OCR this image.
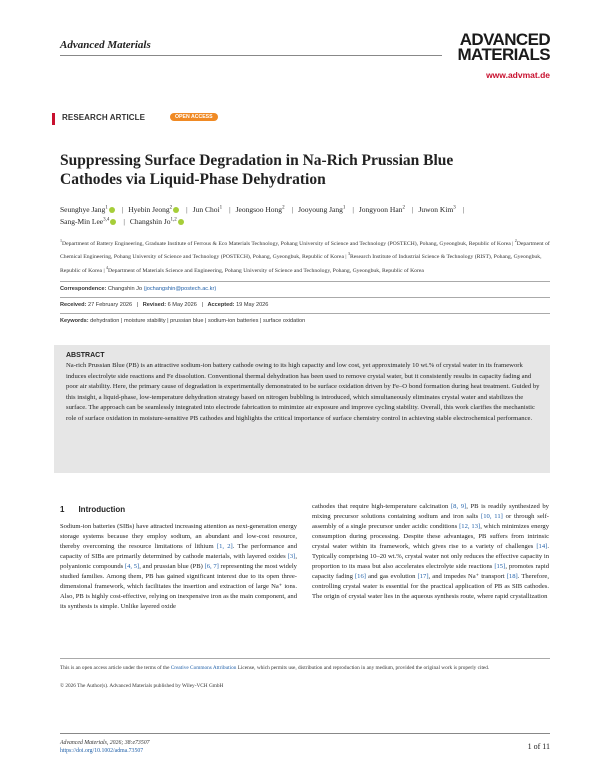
Advanced Materials	ADVANCED
MATERIALS
www.advmat.de
RESEARCH ARTICLE	OPEN ACCESS
Suppressing Surface Degradation in Na-Rich Prussian Blue
Cathodes via Liquid-Phase Dehydration
Seunghye Jang$^1$ | Hyebin Jeong$^2$ | Jun Choi$^1$ | Jeongsoo Hong$^2$ | Jooyoung Jang$^1$ | Jongyoon Han$^2$ | Juwon Kim$^3$ |
Sang-Min Lee$^{3,4}$ | Changshin Jo$^{1,2}$
$^1$Department of Battery Engineering, Graduate Institute of Ferrous & Eco Materials Technology, Pohang University of Science and Technology (POSTECH), Pohang, Gyeongbuk, Republic of Korea | $^2$Department of Chemical Engineering, Pohang University of Science and Technology (POSTECH), Pohang, Gyeongbuk, Republic of Korea | $^3$Research Institute of Industrial Science & Technology (RIST), Pohang, Gyeongbuk, Republic of Korea | $^4$Department of Materials Science and Engineering, Pohang University of Science and Technology, Pohang, Gyeongbuk, Republic of Korea
Correspondence: Changshin Jo (jochangshin@postech.ac.kr)
Received: 27 February 2026 | Revised: 6 May 2026 | Accepted: 19 May 2026
Keywords: dehydration | moisture stability | prussian blue | sodium-ion batteries | surface oxidation
ABSTRACT
Na-rich Prussian Blue (PB) is an attractive sodium-ion battery cathode owing to its high capacity and low cost, yet approximately 10 wt.% of crystal water in its framework induces electrolyte side reactions and Fe dissolution. Conventional thermal dehydration has been used to remove crystal water, but it consistently results in capacity fading and poor air stability. Here, the primary cause of degradation is experimentally demonstrated to be surface oxidation driven by Fe–O bond formation during heat treatment. Guided by this insight, a liquid-phase, low-temperature dehydration strategy based on nitrogen bubbling is introduced, which simultaneously eliminates crystal water and stabilizes the surface. The approach can be seamlessly integrated into electrode fabrication to minimize air exposure and improve cycling stability. Overall, this work clarifies the mechanistic role of surface oxidation in moisture-sensitive PB cathodes and highlights the critical importance of surface chemistry control in achieving stable electrochemical performance.
1 Introduction
Sodium-ion batteries (SIBs) have attracted increasing attention as next-generation energy storage systems because they employ sodium, an abundant and low-cost resource, thereby overcoming the resource limitations of lithium [1, 2]. The performance and capacity of SIBs are primarily determined by cathode materials, with layered oxides [3], polyanionic compounds [4, 5], and prussian blue (PB) [6, 7] representing the most widely studied families. Among them, PB has gained significant interest due to its open three-dimensional framework, which facilitates the insertion and extraction of large Na⁺ ions. Also, PB is highly cost-effective, relying on inexpensive iron as the main component, and its synthesis is simple. Unlike layered oxide
cathodes that require high-temperature calcination [8, 9], PB is readily synthesized by mixing precursor solutions containing sodium and iron salts [10, 11] or through self-assembly of a single precursor under acidic conditions [12, 13], which minimizes energy consumption during processing. Despite these advantages, PB suffers from intrinsic crystal water within its framework, which gives rise to a variety of challenges [14]. Typically comprising 10–20 wt.%, crystal water not only reduces the effective capacity in proportion to its mass but also accelerates electrolyte side reactions [15], promotes rapid capacity fading [16] and gas evolution [17], and impedes Na⁺ transport [18]. Therefore, controlling crystal water is essential for the practical application of PB as SIB cathodes. The origin of crystal water lies in the aqueous synthesis route, where rapid crystallization
This is an open access article under the terms of the Creative Commons Attribution License, which permits use, distribution and reproduction in any medium, provided the original work is properly cited.
© 2026 The Author(s). Advanced Materials published by Wiley-VCH GmbH
Advanced Materials, 2026; 38:e73507
https://doi.org/10.1002/adma.73507	1 of 11
